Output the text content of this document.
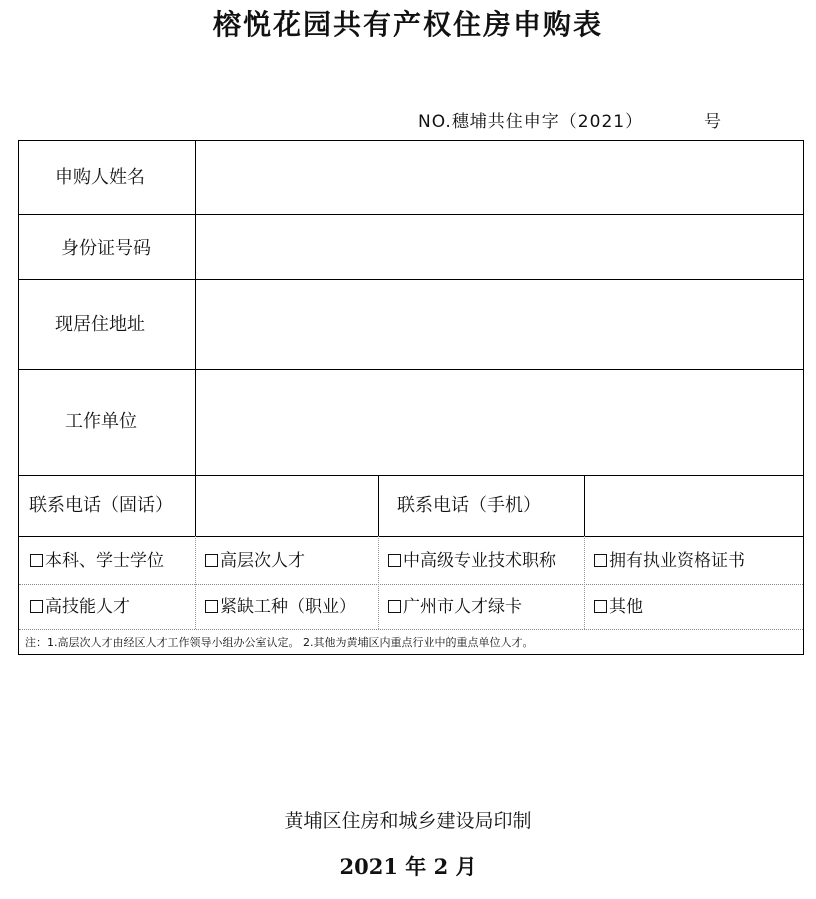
榕悦花园共有产权住房申购表
NO.穗埔共住申字（2021）	号
申购人姓名
身份证号码
现居住地址
工作单位
联系电话（固话）	联系电话（手机）
本科、学士学位	高层次人才	中高级专业技术职称	拥有执业资格证书
高技能人才	紧缺工种（职业）	广州市人才绿卡	其他
注：1.高层次人才由经区人才工作领导小组办公室认定。 2.其他为黄埔区内重点行业中的重点单位人才。
黄埔区住房和城乡建设局印制
2021 年 2 月
